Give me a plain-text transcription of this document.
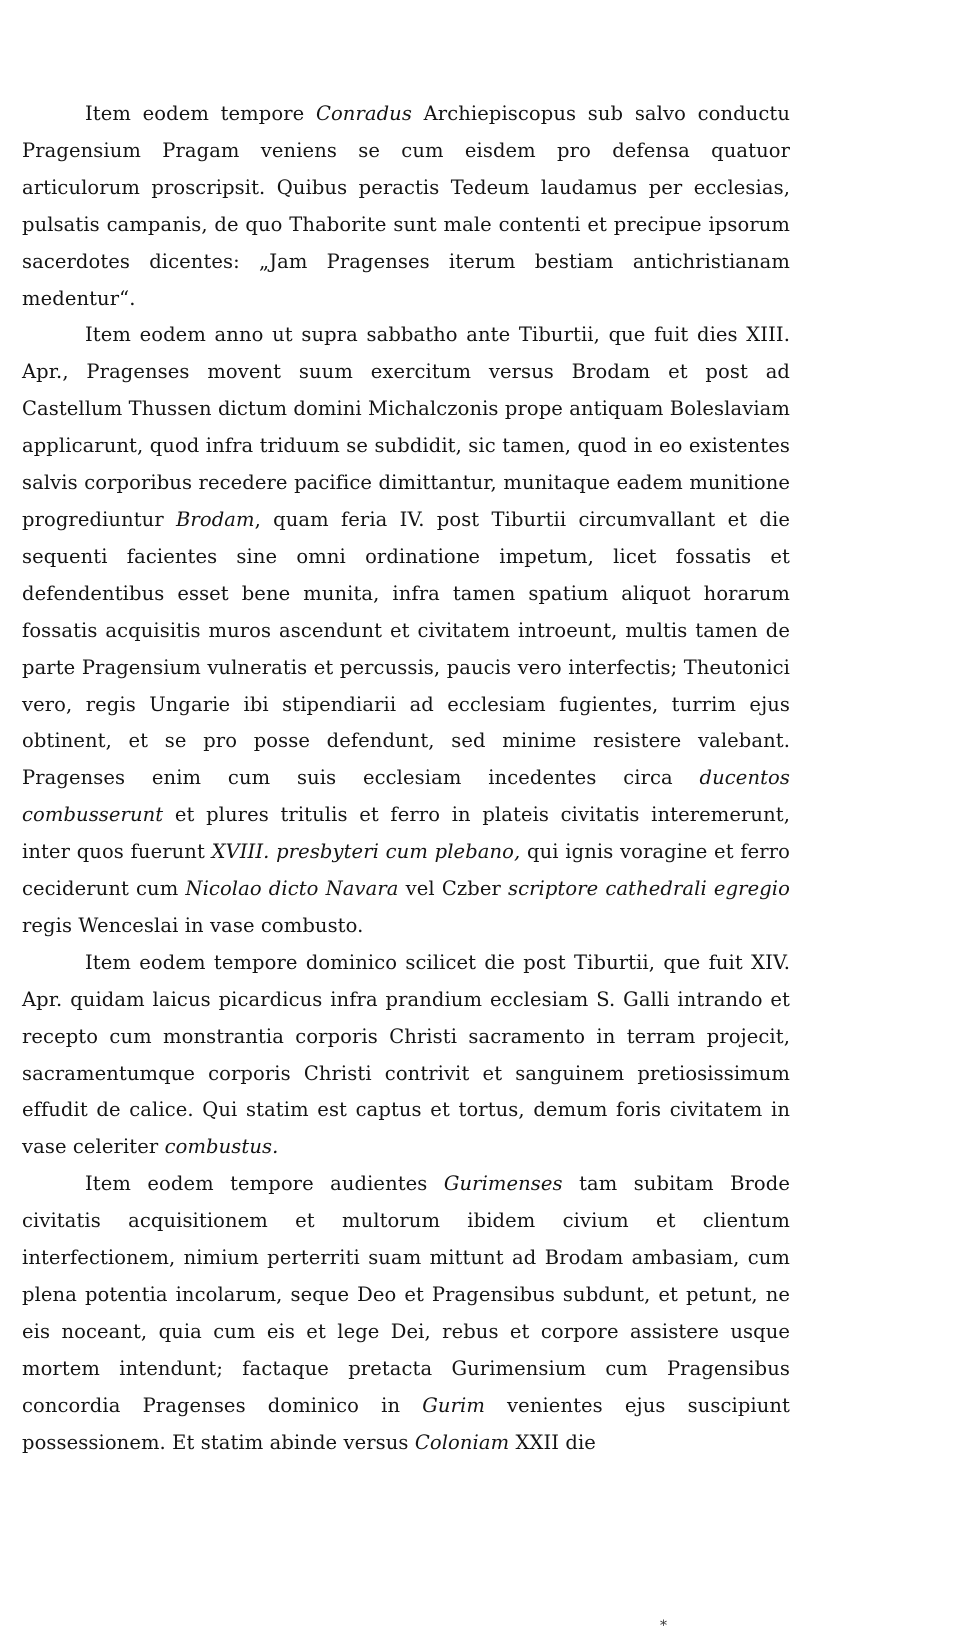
Item eodem tempore Conradus Archiepiscopus sub salvo conductu Pragensium Pragam veniens se cum eisdem pro defensa quatuor articulorum proscripsit. Quibus peractis Tedeum laudamus per ecclesias, pulsatis campanis, de quo Thaborite sunt male contenti et precipue ipsorum sacerdotes dicentes: „Jam Pragenses iterum bestiam antichristianam medentur“.

Item eodem anno ut supra sabbatho ante Tiburtii, que fuit dies XIII. Apr., Pragenses movent suum exercitum versus Brodam et post ad Castellum Thussen dictum domini Michalczonis prope antiquam Boleslaviam applicarunt, quod infra triduum se subdidit, sic tamen, quod in eo existentes salvis corporibus recedere pacifice dimittantur, munitaque eadem munitione progrediuntur Brodam, quam feria IV. post Tiburtii circumvallant et die sequenti facientes sine omni ordinatione impetum, licet fossatis et defendentibus esset bene munita, infra tamen spatium aliquot horarum fossatis acquisitis muros ascendunt et civitatem introeunt, multis tamen de parte Pragensium vulneratis et percussis, paucis vero interfectis; Theutonici vero, regis Ungarie ibi stipendiarii ad ecclesiam fugientes, turrim ejus obtinent, et se pro posse defendunt, sed minime resistere valebant. Pragenses enim cum suis ecclesiam incedentes circa ducentos combusserunt et plures tritulis et ferro in plateis civitatis interemerunt, inter quos fuerunt XVIII. presbyteri cum plebano, qui ignis voragine et ferro ceciderunt cum Nicolao dicto Navara vel Czber scriptore cathedrali egregio regis Wenceslai in vase combusto.

Item eodem tempore dominico scilicet die post Tiburtii, que fuit XIV. Apr. quidam laicus picardicus infra prandium ecclesiam S. Galli intrando et recepto cum monstrantia corporis Christi sacramento in terram projecit, sacramentumque corporis Christi contrivit et sanguinem pretiosissimum effudit de calice. Qui statim est captus et tortus, demum foris civitatem in vase celeriter combustus.

Item eodem tempore audientes Gurimenses tam subitam Brode civitatis acquisitionem et multorum ibidem civium et clientum interfectionem, nimium perterriti suam mittunt ad Brodam ambasiam, cum plena potentia incolarum, seque Deo et Pragensibus subdunt, et petunt, ne eis noceant, quia cum eis et lege Dei, rebus et corpore assistere usque mortem intendunt; factaque pretacta Gurimensium cum Pragensibus concordia Pragenses dominico in Gurim venientes ejus suscipiunt possessionem. Et statim abinde versus Coloniam XXII die

*
